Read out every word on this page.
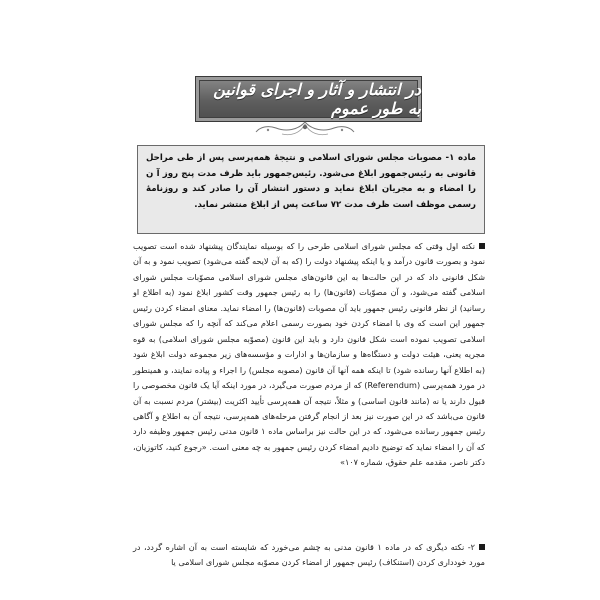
در انتشار و آثار و اجرای قوانین به طور عموم
ماده ۱- مصوبات مجلس شورای اسلامی و نتیجهٔ همه‌پرسی پس از طی مراحل قانونی به رئیس‌جمهور ابلاغ می‌شود. رئیس‌جمهور باید ظرف مدت پنج روز آ ن را امضاء و به مجریان ابلاغ نماید و دستور انتشار آن را صادر کند و روزنامهٔ رسمی موظف است ظرف مدت ۷۲ ساعت پس از ابلاغ منتشر نماید.
نکته اول وقتی که مجلس شورای اسلامی طرحی را که بوسیله نمایندگان پیشنهاد شده است تصویب نمود و بصورت قانون درآمد و یا اینکه پیشنهاد دولت را (که به آن لایحه گفته می‌شود) تصویب نمود و به آن شکل قانونی داد که در این حالت‌ها به این قانون‌های مجلس شورای اسلامی مصوّبات مجلس شورای اسلامی گفته می‌شود، و آن مصوّبات (قانون‌ها) را به رئیس جمهور وقت کشور ابلاغ نمود (به اطلاع او رسانید) از نظر قانونی رئیس جمهور باید آن مصوبات (قانون‌ها) را امضاء نماید. معنای امضاء کردن رئیس جمهور این است که وی با امضاء کردن خود بصورت رسمی اعلام می‌کند که آنچه را که مجلس شورای اسلامی تصویب نموده است شکل قانون دارد و باید این قانون (مصوّبه مجلس شورای اسلامی) به قوه مجریه یعنی، هیئت دولت و دستگاه‌ها و سازمان‌ها و ادارات و مؤسسه‌های زیر مجموعه دولت ابلاغ شود (به اطلاع آنها رسانده شود) تا اینکه همه آنها آن قانون (مصوبه مجلس) را اجراء و پیاده نمایند، و همینطور در مورد همه‌پرسی (Referendum) که از مردم صورت می‌گیرد، در مورد اینکه آیا یک قانون مخصوصی را قبول دارند یا نه (مانند قانون اساسی) و مثلاً، نتیجه آن همه‌پرسی تأیید اکثریت (بیشتر) مردم نسبت به آن قانون می‌باشد که در این صورت نیز بعد از انجام گرفتن مرحله‌های همه‌پرسی، نتیجه آن به اطلاع و آگاهی رئیس جمهور رسانده می‌شود، که در این حالت نیز براساس ماده ۱ قانون مدنی رئیس جمهور وظیفه دارد که آن را امضاء نماید که توضیح دادیم امضاء کردن رئیس جمهور به چه معنی است. «رجوع کنید، کاتوزیان، دکتر ناصر، مقدمه علم حقوق، شماره ۱۰۷»
۲- نکته دیگری که در ماده ۱ قانون مدنی به چشم می‌خورد که شایسته است به آن اشاره گردد، در مورد خودداری کردن (استنکاف) رئیس جمهور از امضاء کردن مصوّبه مجلس شورای اسلامی یا
